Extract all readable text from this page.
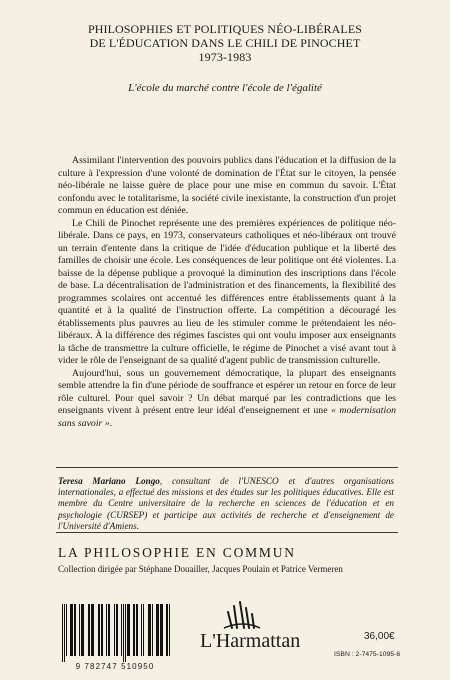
PHILOSOPHIES ET POLITIQUES NÉO-LIBÉRALES
DE L'ÉDUCATION DANS LE CHILI DE PINOCHET
1973-1983
L'école du marché contre l'école de l'égalité

Assimilant l'intervention des pouvoirs publics dans l'éducation et la diffusion de la culture à l'expression d'une volonté de domination de l'État sur le citoyen, la pensée néo-libérale ne laisse guère de place pour une mise en commun du savoir. L'État confondu avec le totalitarisme, la société civile inexistante, la construction d'un projet commun en éducation est déniée.

Le Chili de Pinochet représente une des premières expériences de politique néo-libérale. Dans ce pays, en 1973, conservateurs catholiques et néo-libéraux ont trouvé un terrain d'entente dans la critique de l'idée d'éducation publique et la liberté des familles de choisir une école. Les conséquences de leur politique ont été violentes. La baisse de la dépense publique a provoqué la diminution des inscriptions dans l'école de base. La décentralisation de l'administration et des financements, la flexibilité des programmes scolaires ont accentué les différences entre établissements quant à la quantité et à la qualité de l'instruction offerte. La compétition a découragé les établissements plus pauvres au lieu de les stimuler comme le prétendaient les néo-libéraux. À la différence des régimes fascistes qui ont voulu imposer aux enseignants la tâche de transmettre la culture officielle, le régime de Pinochet a visé avant tout à vider le rôle de l'enseignant de sa qualité d'agent public de transmission culturelle.

Aujourd'hui, sous un gouvernement démocratique, la plupart des enseignants semble attendre la fin d'une période de souffrance et espérer un retour en force de leur rôle culturel. Pour quel savoir ? Un débat marqué par les contradictions que les enseignants vivent à présent entre leur idéal d'enseignement et une « modernisation sans savoir ».

Teresa Mariano Longo, consultant de l'UNESCO et d'autres organisations internationales, a effectué des missions et des études sur les politiques éducatives. Elle est membre du Centre universitaire de la recherche en sciences de l'éducation et en psychologie (CURSEP) et participe aux activités de recherche et d'enseignement de l'Université d'Amiens.
LA PHILOSOPHIE EN COMMUN
Collection dirigée par Stéphane Douailler, Jacques Poulain et Patrice Vermeren
9 782747 510950
L'Harmattan	36,00€
ISBN : 2-7475-1095-6
